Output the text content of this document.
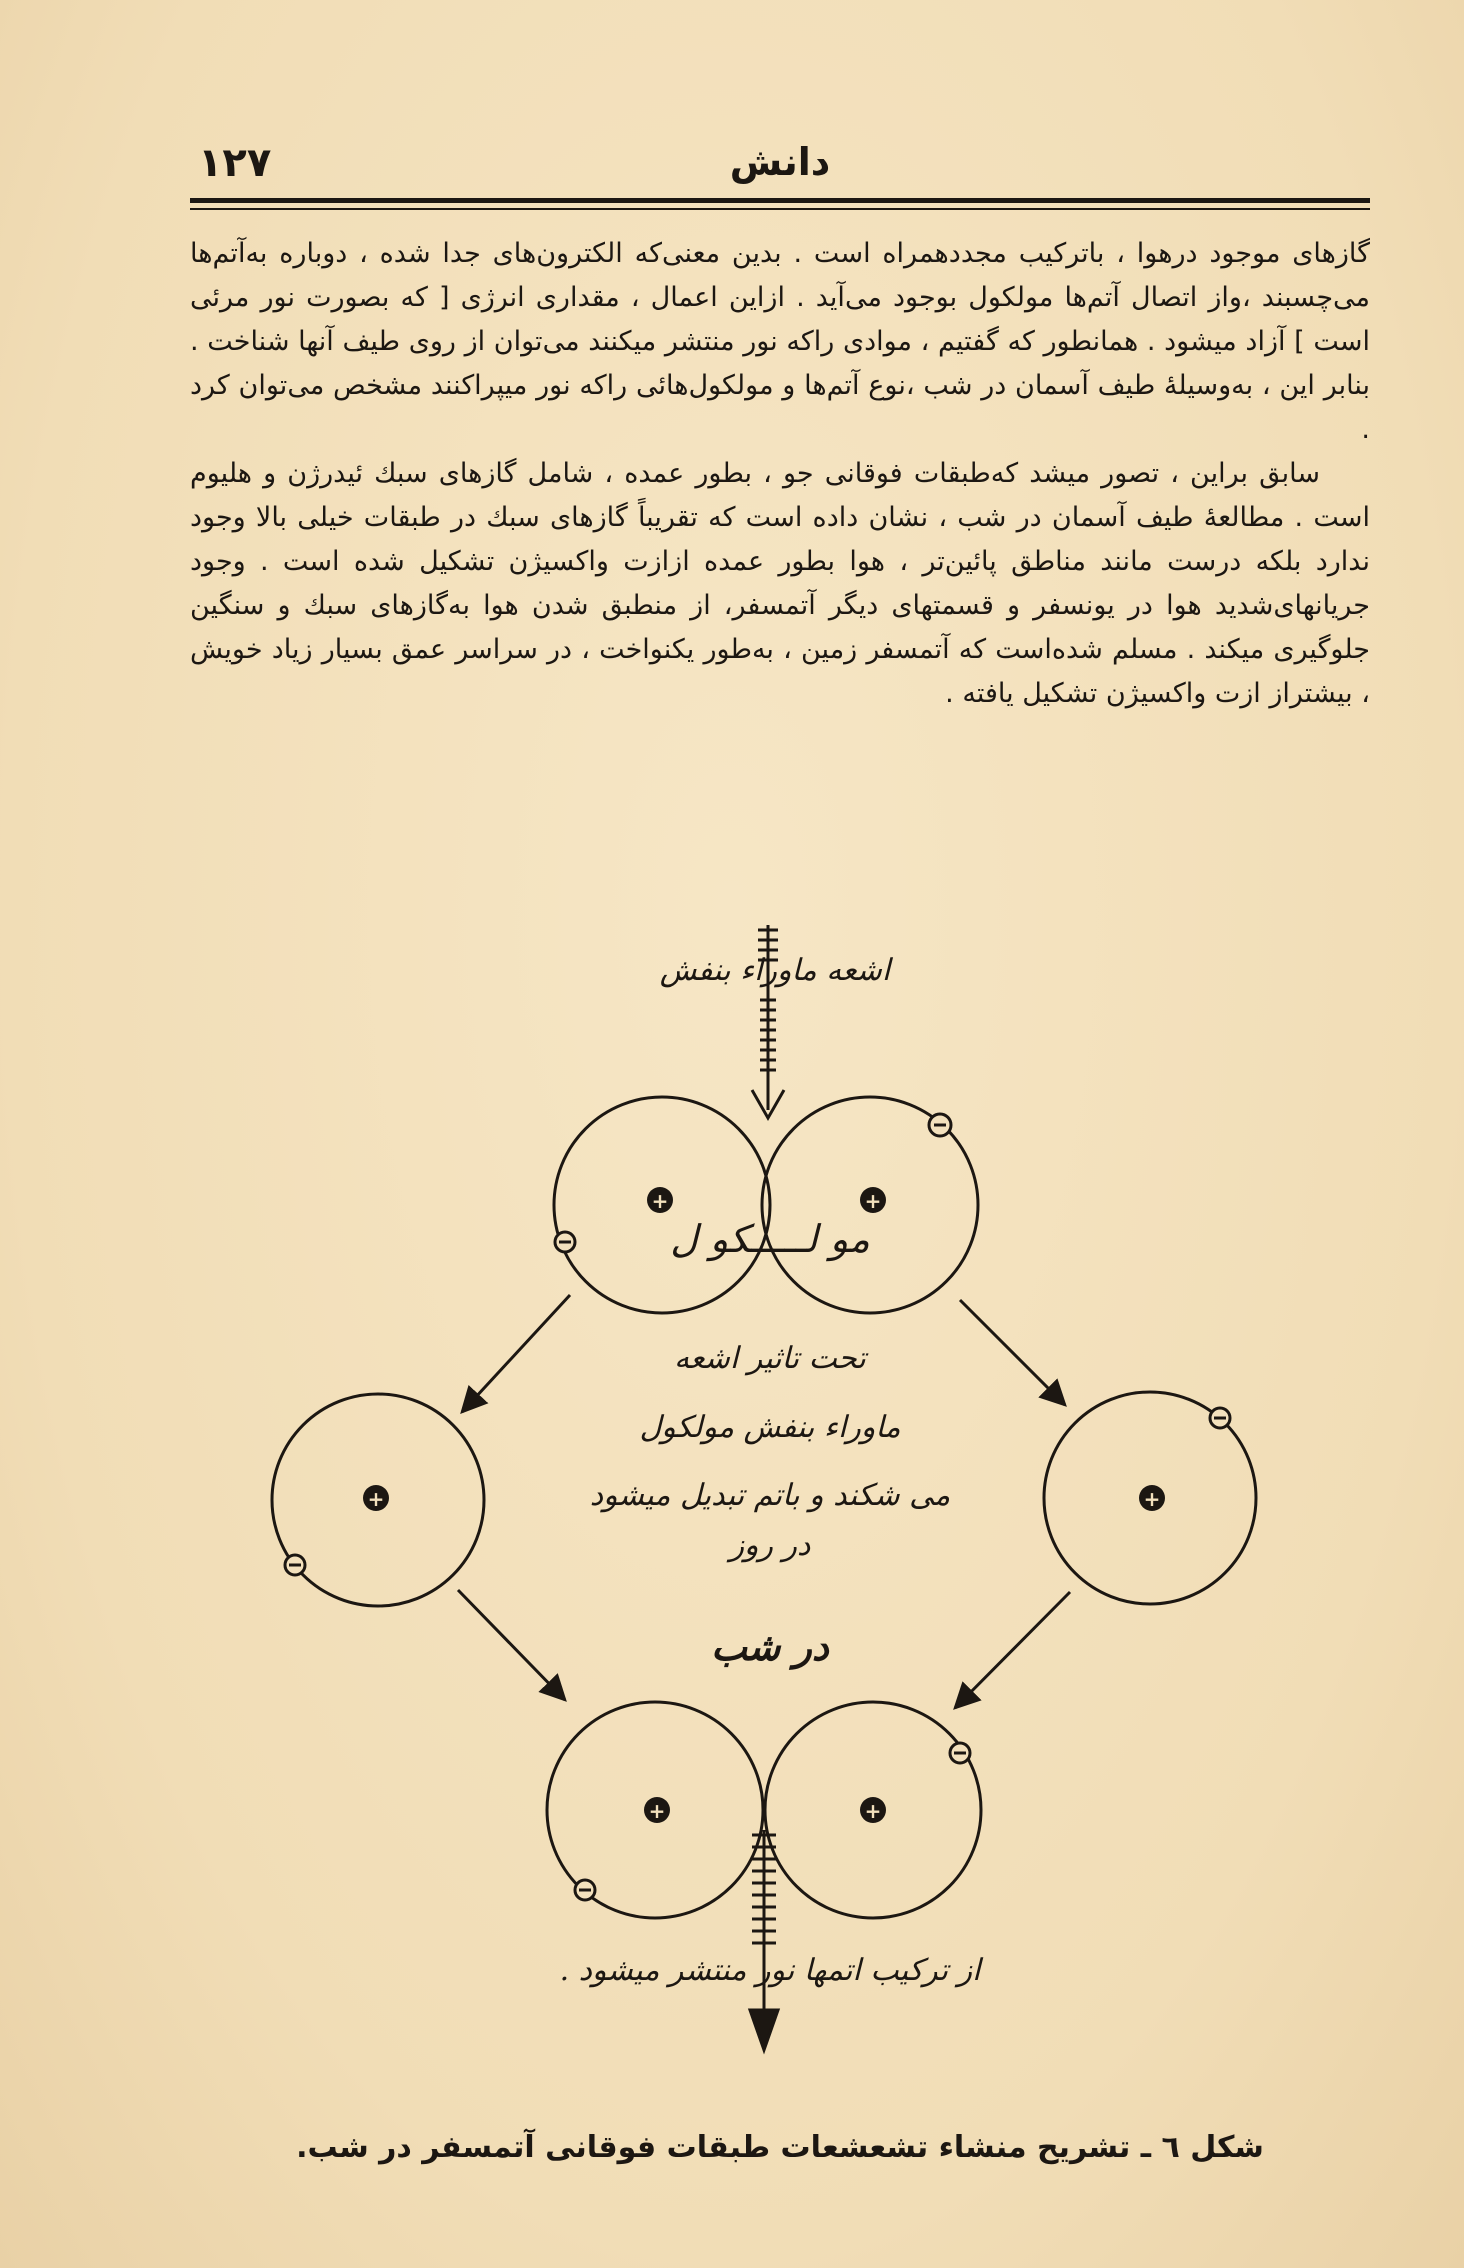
۱۲۷	دانش

گازهای موجود درهوا ، باترکیب مجددهمراه است . بدین معنی‌که الکترون‌های جدا شده ، دوباره به‌آتم‌ها می‌چسبند ،واز اتصال آتم‌ها مولکول بوجود می‌آید . ازاین اعمال ، مقداری انرژی [ که بصورت نور مرئی است ] آزاد میشود . همانطور که گفتیم ، موادی راکه نور منتشر میکنند می‌توان از روی طیف آنها شناخت . بنابر این ، به‌وسیلهٔ طیف آسمان در شب ،نوع آتم‌ها و مولکول‌هائی راکه نور میپراکنند مشخص می‌توان کرد .

سابق براین ، تصور میشد که‌طبقات فوقانی جو ، بطور عمده ، شامل گازهای سبك ئیدرژن و هلیوم است . مطالعهٔ طیف آسمان در شب ، نشان داده است که تقریباً گازهای سبك در طبقات خیلی بالا وجود ندارد بلکه درست مانند مناطق پائین‌تر ، هوا بطور عمده ازازت واکسیژن تشکیل شده است . وجود جریانهای‌شدید هوا در یونسفر و قسمتهای دیگر آتمسفر، از منطبق شدن هوا به‌گازهای سبك و سنگین جلوگیری میکند . مسلم شده‌است که آتمسفر زمین ، به‌طور یکنواخت ، در سراسر عمق بسیار زیاد خویش ، بیشتراز ازت واکسیژن تشکیل یافته .

اشعه ماوراء بنفش
+	+
مو لـــــكو ل
+	+
تحت تاثیر اشعه
ماوراء بنفش مولکول
می شکند و باتم تبدیل میشود
در روز
در شب
+	+
از ترکیب اتمها نور منتشر میشود .
شکل ٦ ـ تشریح منشاء تشعشعات طبقات فوقانی آتمسفر در شب.
